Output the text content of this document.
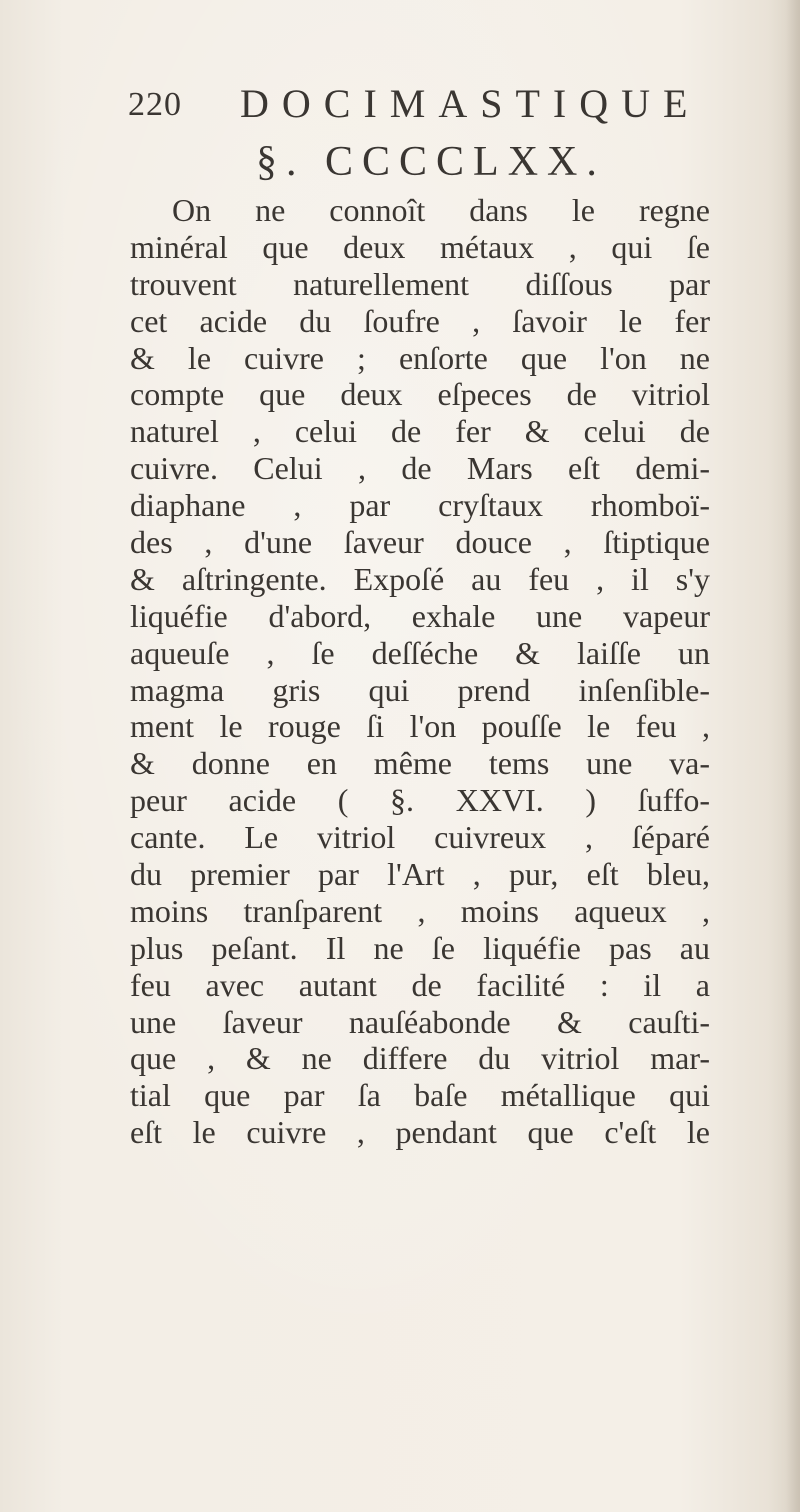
220 DOCIMASTIQUE
§. CCCCLXX.
On ne connoît dans le regne
minéral que deux métaux , qui ſe
trouvent naturellement diſſous par
cet acide du ſoufre , ſavoir le fer
& le cuivre ; enſorte que l'on ne
compte que deux eſpeces de vitriol
naturel , celui de fer & celui de
cuivre. Celui , de Mars eſt demi-
diaphane , par cryſtaux rhomboï-
des , d'une ſaveur douce , ſtiptique
& aſtringente. Expoſé au feu , il s'y
liquéfie d'abord, exhale une vapeur
aqueuſe , ſe deſſéche & laiſſe un
magma gris qui prend inſenſible-
ment le rouge ſi l'on pouſſe le feu ,
& donne en même tems une va-
peur acide ( §. XXVI. ) ſuffo-
cante. Le vitriol cuivreux , ſéparé
du premier par l'Art , pur, eſt bleu,
moins tranſparent , moins aqueux ,
plus peſant. Il ne ſe liquéfie pas au
feu avec autant de facilité : il a
une ſaveur nauſéabonde & cauſti-
que , & ne differe du vitriol mar-
tial que par ſa baſe métallique qui
eſt le cuivre , pendant que c'eſt le
